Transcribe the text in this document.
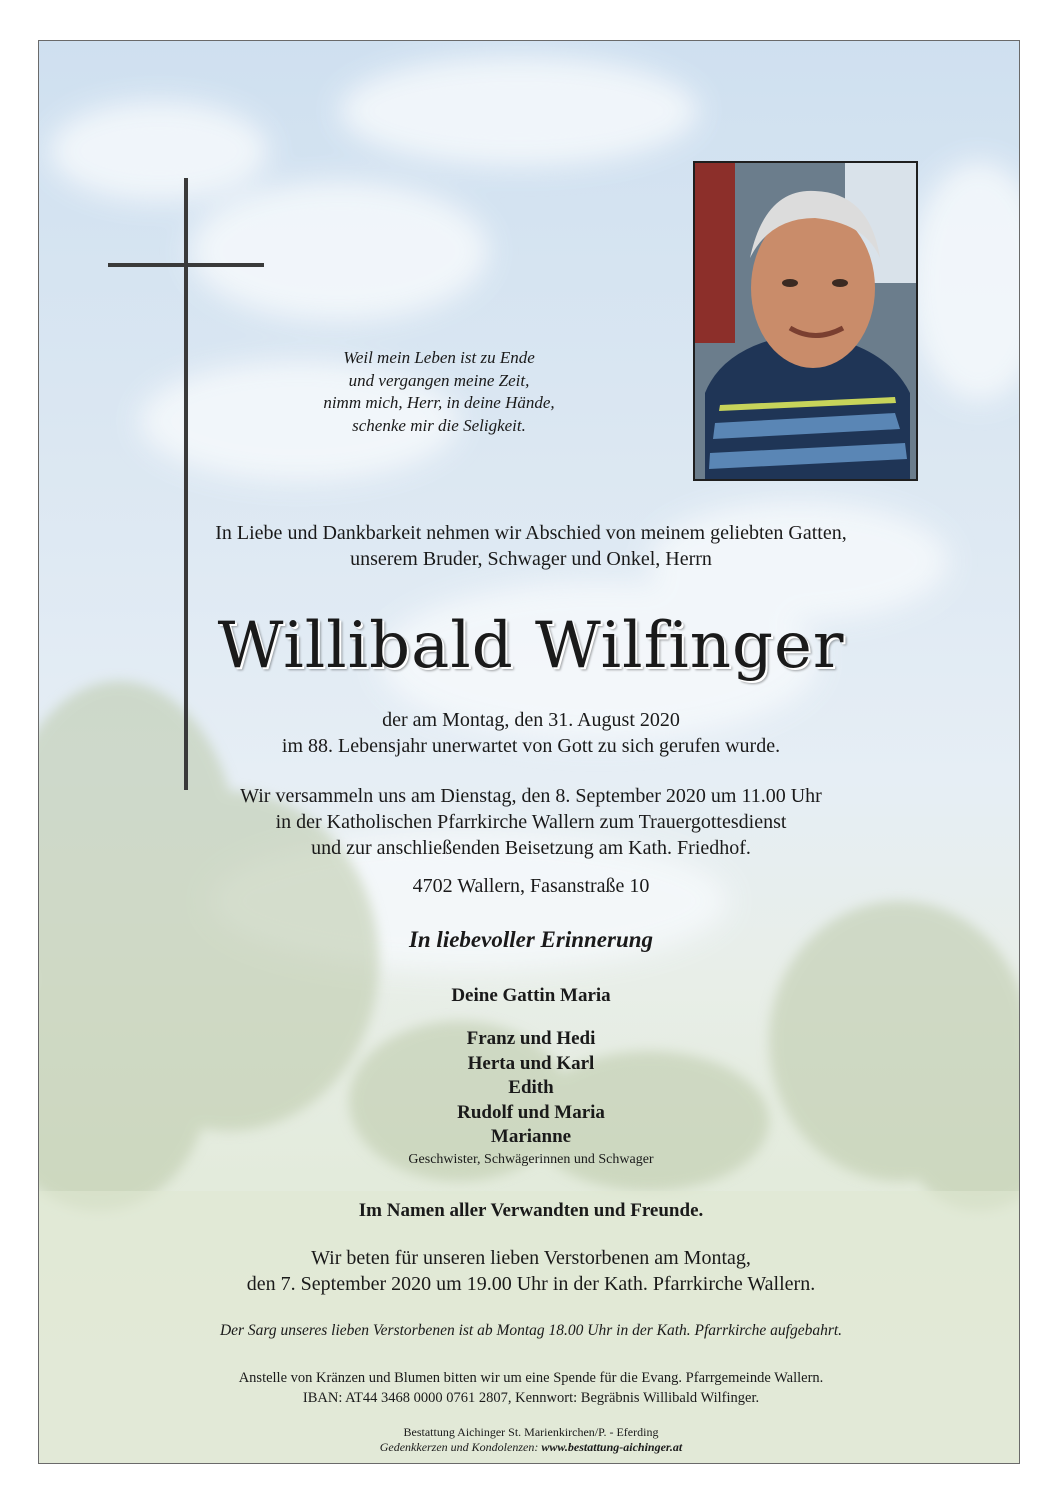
Weil mein Leben ist zu Ende
und vergangen meine Zeit,
nimm mich, Herr, in deine Hände,
schenke mir die Seligkeit.
In Liebe und Dankbarkeit nehmen wir Abschied von meinem geliebten Gatten,
unserem Bruder, Schwager und Onkel, Herrn
Willibald Wilfinger
der am Montag, den 31. August 2020
im 88. Lebensjahr unerwartet von Gott zu sich gerufen wurde.
Wir versammeln uns am Dienstag, den 8. September 2020 um 11.00 Uhr
in der Katholischen Pfarrkirche Wallern zum Trauergottesdienst
und zur anschließenden Beisetzung am Kath. Friedhof.
4702 Wallern, Fasanstraße 10
In liebevoller Erinnerung
Deine Gattin Maria
Franz und Hedi
Herta und Karl
Edith
Rudolf und Maria
Marianne
Geschwister, Schwägerinnen und Schwager
Im Namen aller Verwandten und Freunde.
Wir beten für unseren lieben Verstorbenen am Montag,
den 7. September 2020 um 19.00 Uhr in der Kath. Pfarrkirche Wallern.
Der Sarg unseres lieben Verstorbenen ist ab Montag 18.00 Uhr in der Kath. Pfarrkirche aufgebahrt.
Anstelle von Kränzen und Blumen bitten wir um eine Spende für die Evang. Pfarrgemeinde Wallern.
IBAN: AT44 3468 0000 0761 2807, Kennwort: Begräbnis Willibald Wilfinger.
Bestattung Aichinger St. Marienkirchen/P. - Eferding
Gedenkkerzen und Kondolenzen: www.bestattung-aichinger.at
